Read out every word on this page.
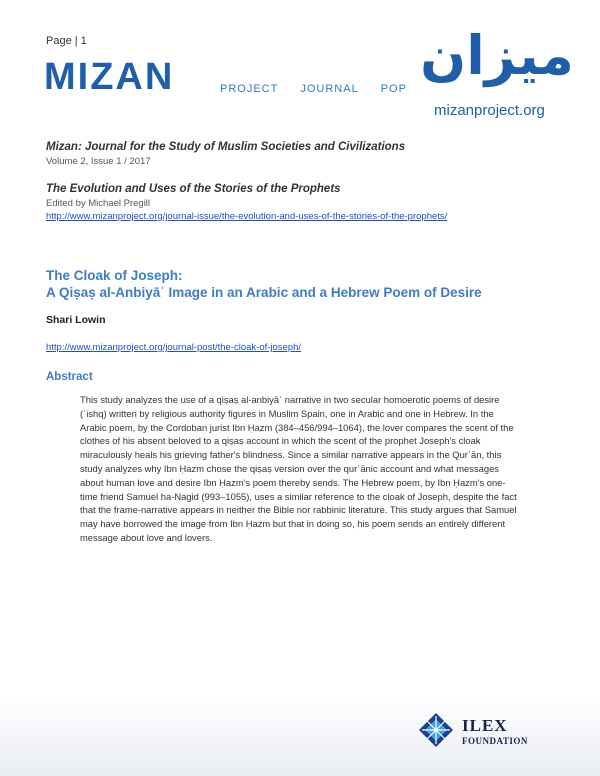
Page | 1
MIZAN	PROJECT JOURNAL POP
ميزان
mizanproject.org
Mizan: Journal for the Study of Muslim Societies and Civilizations
Volume 2, Issue 1 / 2017
The Evolution and Uses of the Stories of the Prophets
Edited by Michael Pregill
http://www.mizanproject.org/journal-issue/the-evolution-and-uses-of-the-stories-of-the-prophets/
The Cloak of Joseph:
A Qiṣaṣ al-Anbiyāʾ Image in an Arabic and a Hebrew Poem of Desire
Shari Lowin
http://www.mizanproject.org/journal-post/the-cloak-of-joseph/
Abstract

This study analyzes the use of a qiṣaṣ al-anbiyāʾ narrative in two secular homoerotic poems of desire (ʿishq) written by religious authority figures in Muslim Spain, one in Arabic and one in Hebrew. In the Arabic poem, by the Cordoban jurist Ibn Ḥazm (384–456/994–1064), the lover compares the scent of the clothes of his absent beloved to a qiṣaṣ account in which the scent of the prophet Joseph's cloak miraculously heals his grieving father's blindness. Since a similar narrative appears in the Qurʾān, this study analyzes why Ibn Ḥazm chose the qiṣaṣ version over the qurʾānic account and what messages about human love and desire Ibn Ḥazm's poem thereby sends. The Hebrew poem, by Ibn Ḥazm's one-time friend Samuel ha-Nagid (993–1055), uses a similar reference to the cloak of Joseph, despite the fact that the frame-narrative appears in neither the Bible nor rabbinic literature. This study argues that Samuel may have borrowed the image from Ibn Ḥazm but that in doing so, his poem sends an entirely different message about love and lovers.

ILEX
FOUNDATION
